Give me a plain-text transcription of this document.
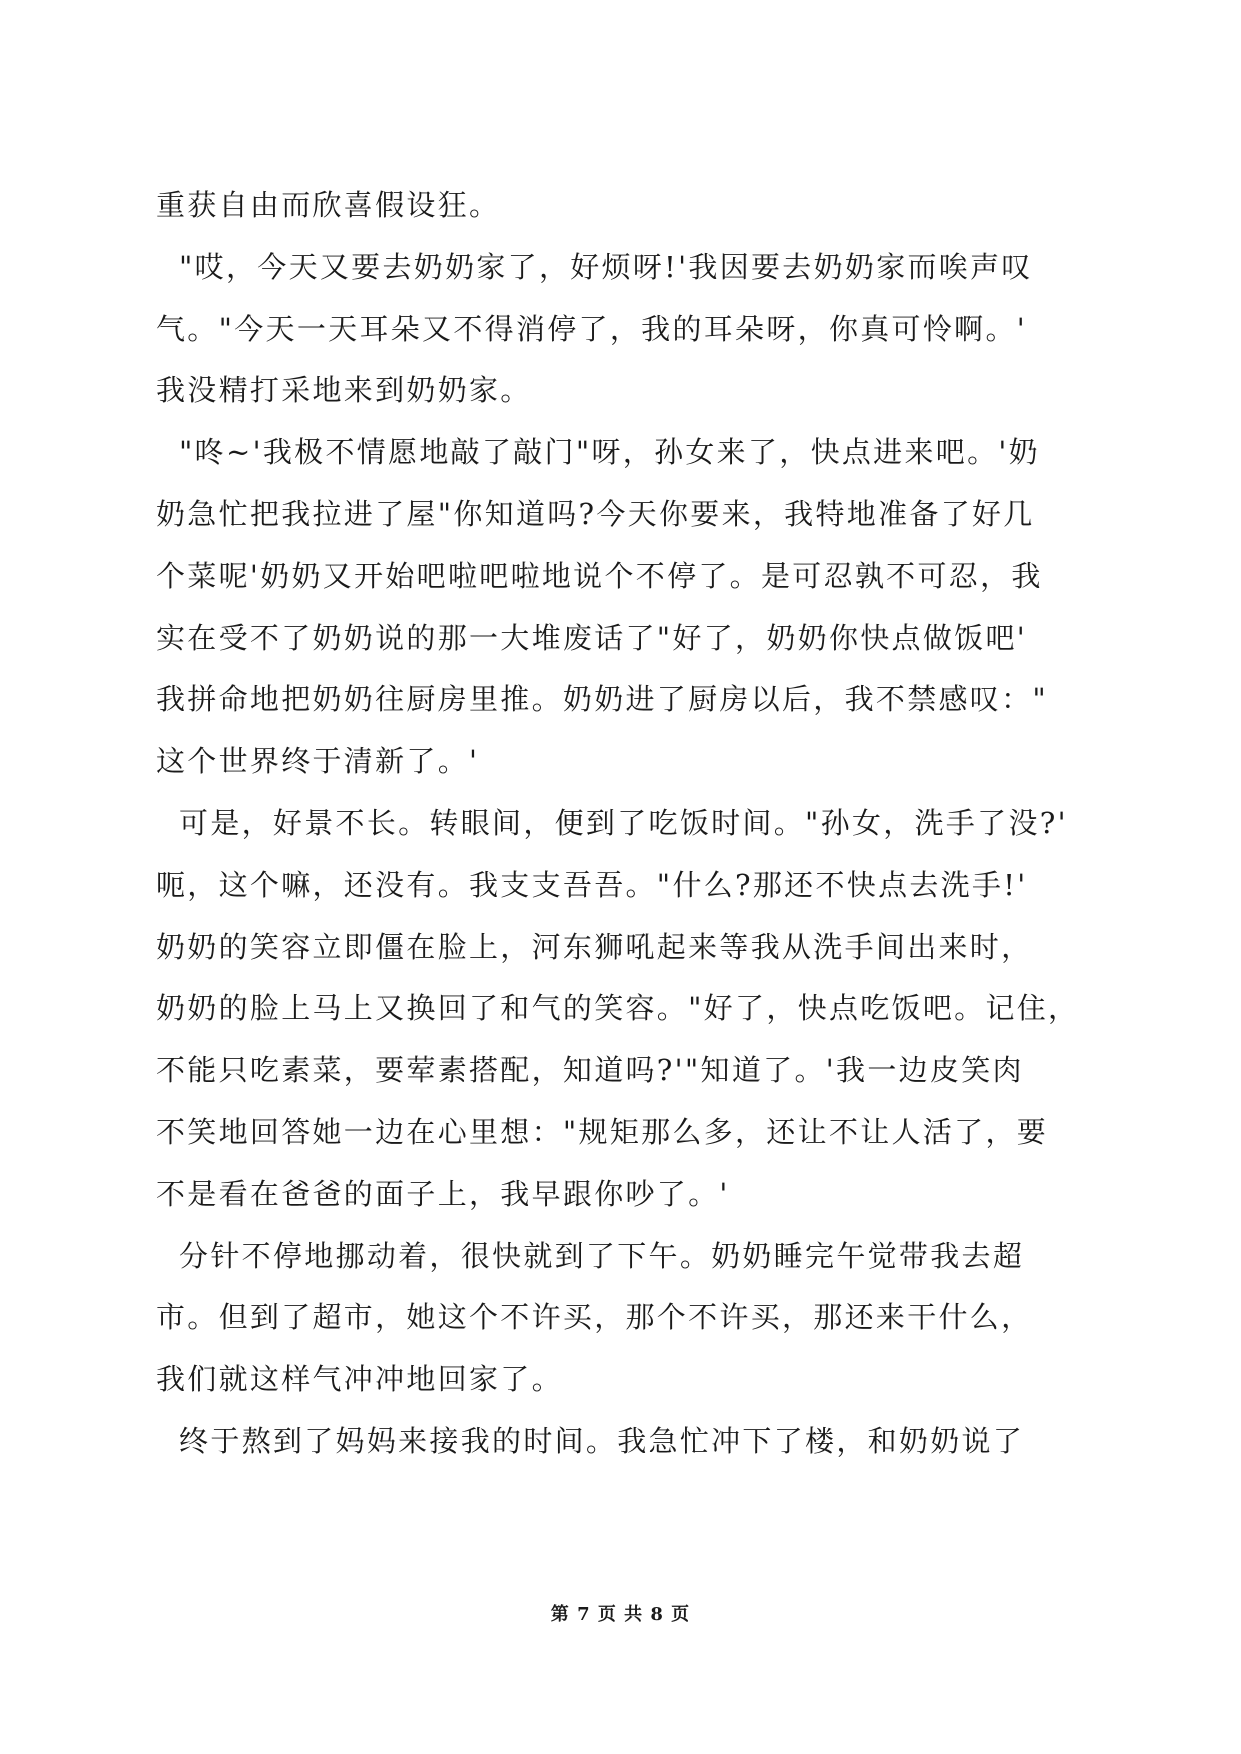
重获自由而欣喜假设狂。
"哎，今天又要去奶奶家了，好烦呀!'我因要去奶奶家而唉声叹
气。"今天一天耳朵又不得消停了，我的耳朵呀，你真可怜啊。'
我没精打采地来到奶奶家。
"咚~'我极不情愿地敲了敲门"呀，孙女来了，快点进来吧。'奶
奶急忙把我拉进了屋"你知道吗?今天你要来，我特地准备了好几
个菜呢'奶奶又开始吧啦吧啦地说个不停了。是可忍孰不可忍，我
实在受不了奶奶说的那一大堆废话了"好了，奶奶你快点做饭吧'
我拼命地把奶奶往厨房里推。奶奶进了厨房以后，我不禁感叹："
这个世界终于清新了。'
可是，好景不长。转眼间，便到了吃饭时间。"孙女，洗手了没?'
呃，这个嘛，还没有。我支支吾吾。"什么?那还不快点去洗手!'
奶奶的笑容立即僵在脸上，河东狮吼起来等我从洗手间出来时，
奶奶的脸上马上又换回了和气的笑容。"好了，快点吃饭吧。记住，
不能只吃素菜，要荤素搭配，知道吗?'"知道了。'我一边皮笑肉
不笑地回答她一边在心里想："规矩那么多，还让不让人活了，要
不是看在爸爸的面子上，我早跟你吵了。'
分针不停地挪动着，很快就到了下午。奶奶睡完午觉带我去超
市。但到了超市，她这个不许买，那个不许买，那还来干什么，
我们就这样气冲冲地回家了。
终于熬到了妈妈来接我的时间。我急忙冲下了楼，和奶奶说了
第 7 页 共 8 页
